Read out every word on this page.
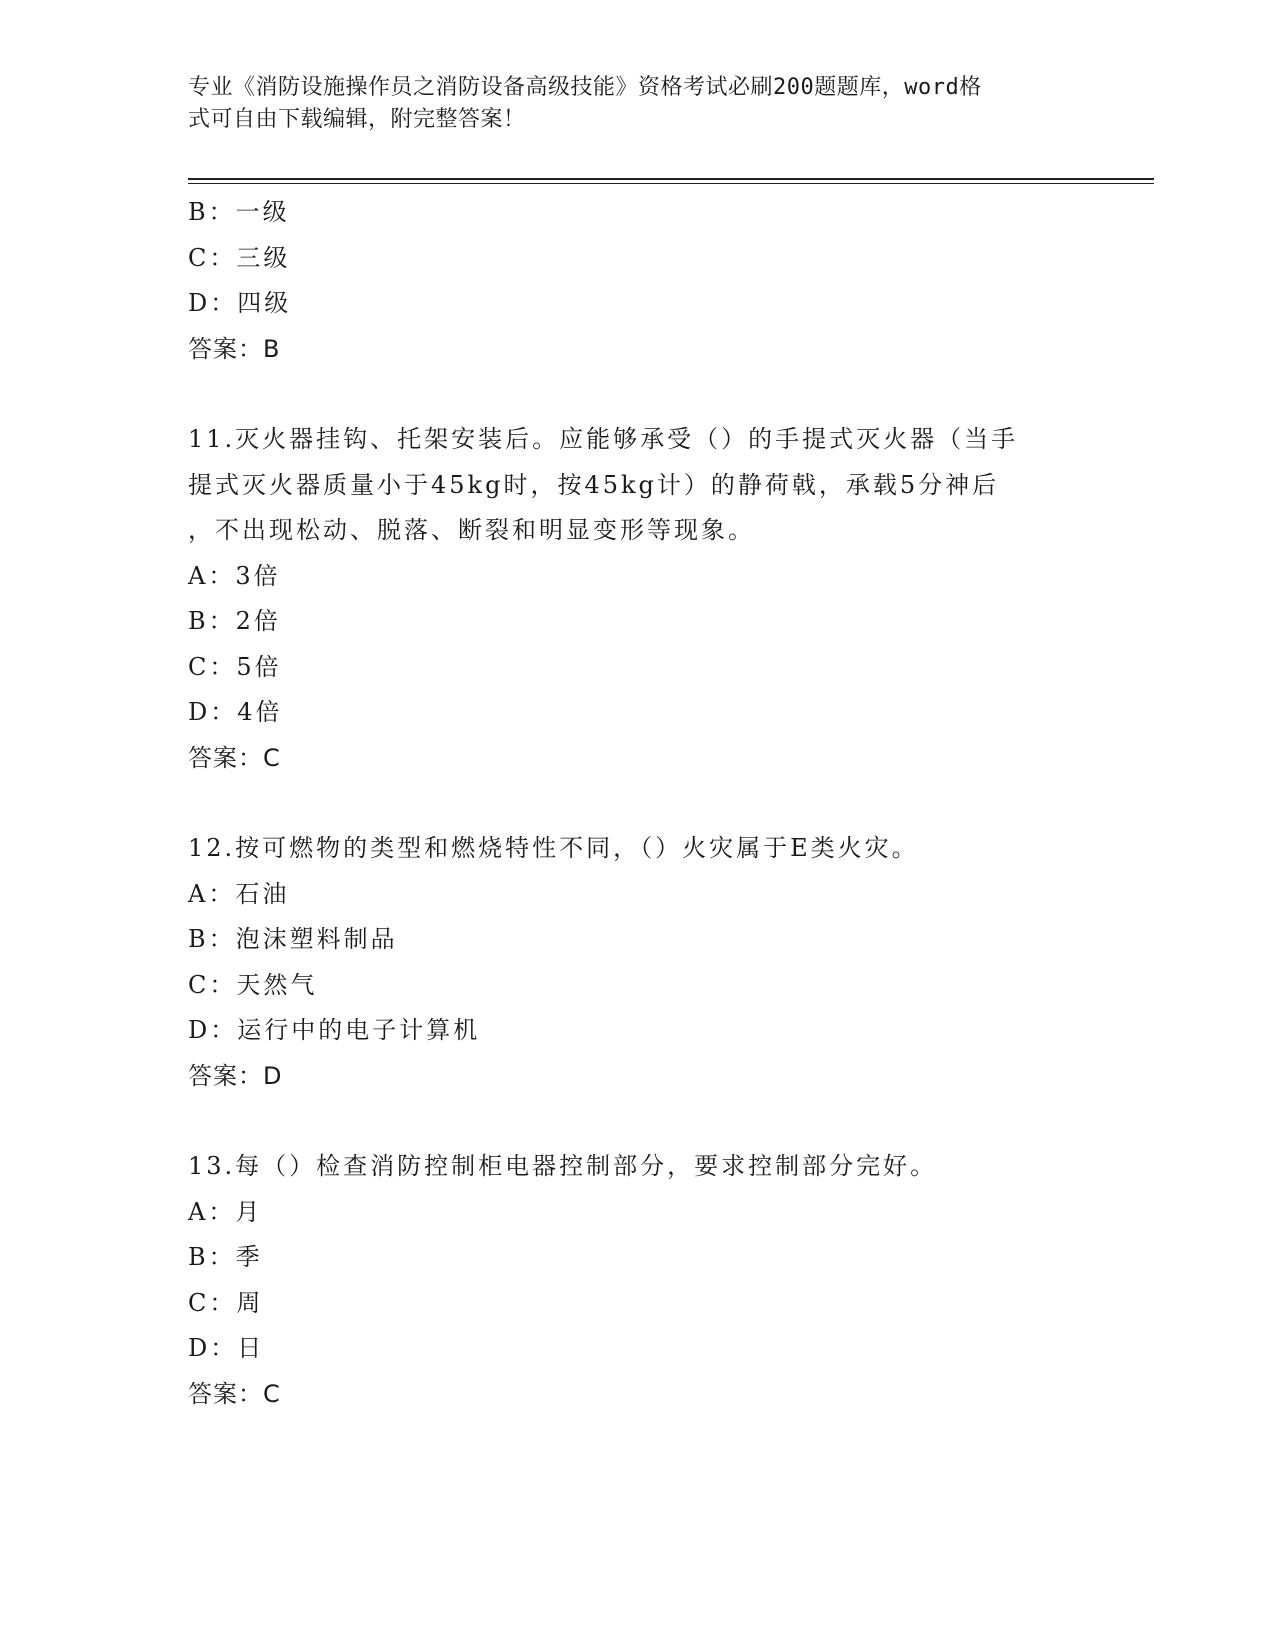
专业《消防设施操作员之消防设备高级技能》资格考试必刷200题题库，word格
式可自由下载编辑，附完整答案！
B：一级
C：三级
D：四级
答案：B
11.灭火器挂钩、托架安装后。应能够承受（）的手提式灭火器（当手
提式灭火器质量小于45kg时，按45kg计）的静荷戟，承载5分神后
，不出现松动、脱落、断裂和明显变形等现象。
A：3倍
B：2倍
C：5倍
D：4倍
答案：C
12.按可燃物的类型和燃烧特性不同，（）火灾属于E类火灾。
A：石油
B：泡沫塑料制品
C：天然气
D：运行中的电子计算机
答案：D
13.每（）检查消防控制柜电器控制部分，要求控制部分完好。
A：月
B：季
C：周
D：日
答案：C
